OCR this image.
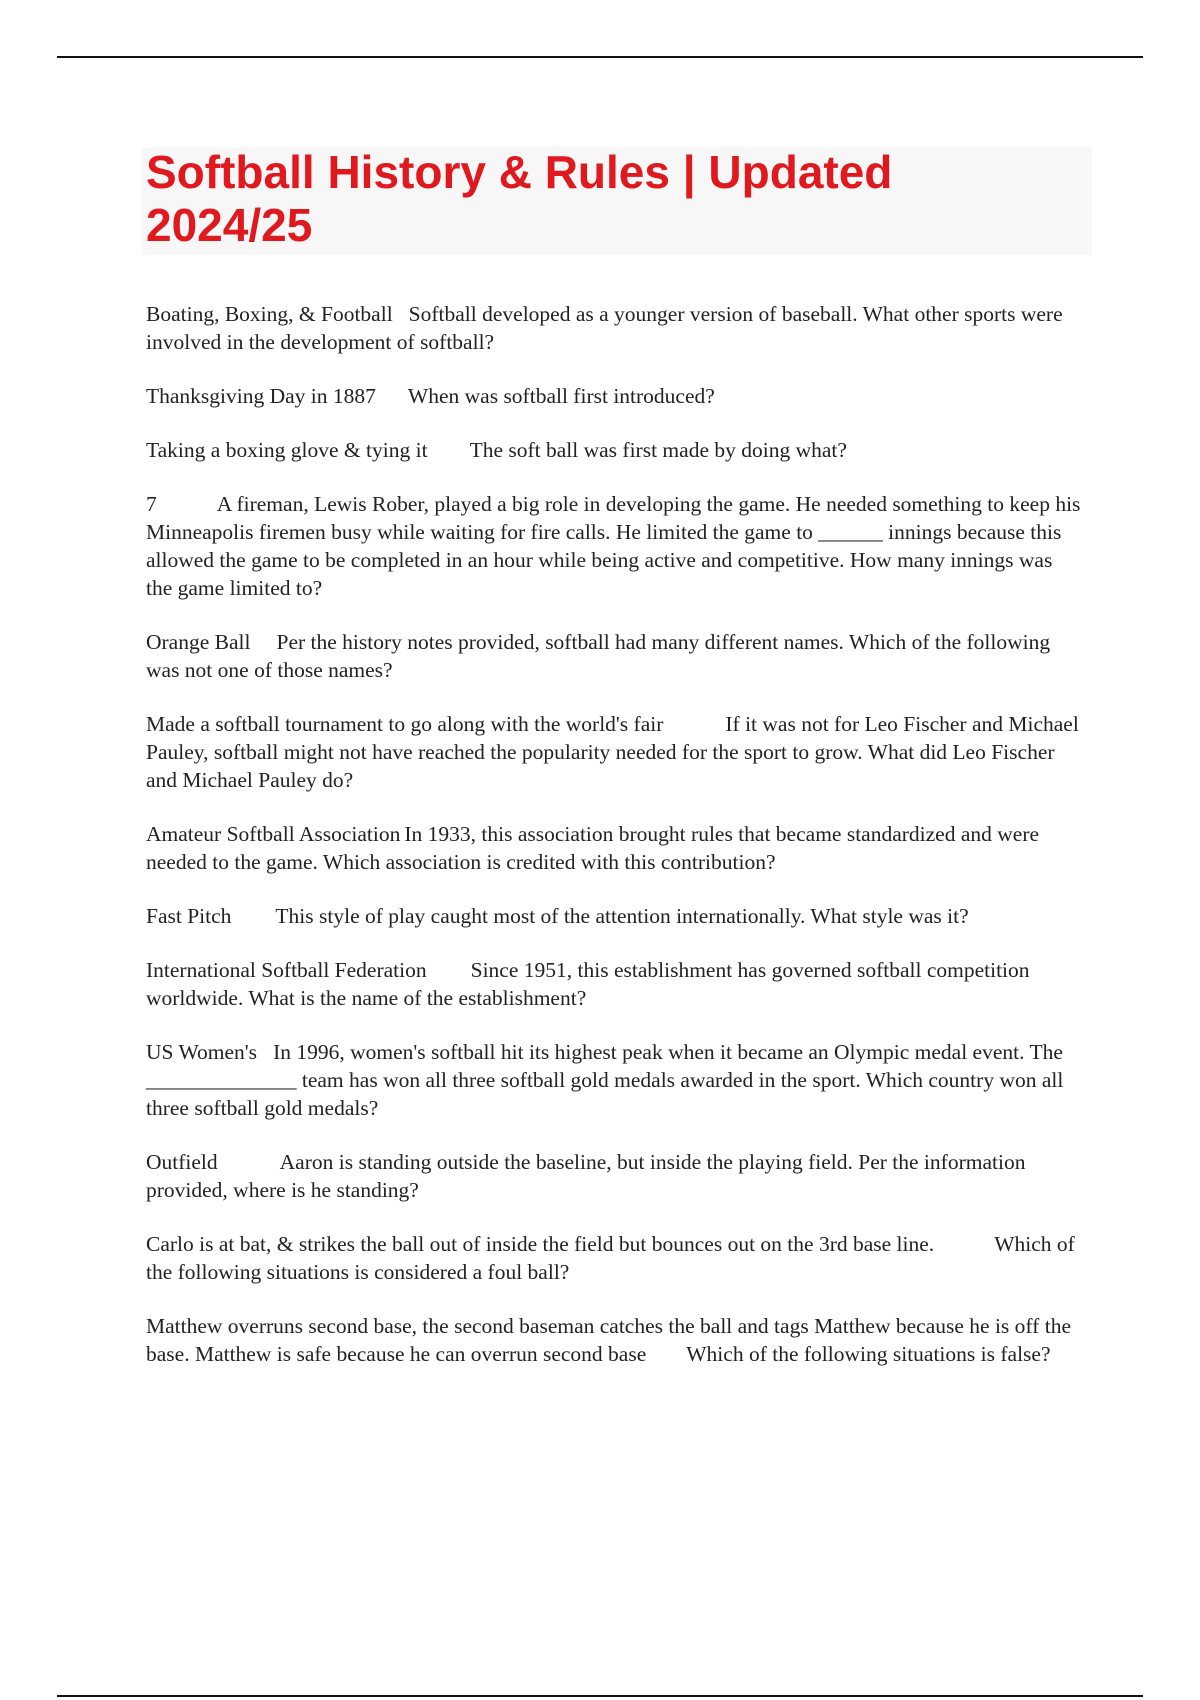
Softball History & Rules | Updated 2024/25
Boating, Boxing, & Football Softball developed as a younger version of baseball. What other sports were involved in the development of softball?
Thanksgiving Day in 1887 When was softball first introduced?
Taking a boxing glove & tying it The soft ball was first made by doing what?
7	A fireman, Lewis Rober, played a big role in developing the game. He needed something to keep his Minneapolis firemen busy while waiting for fire calls. He limited the game to ______ innings because this allowed the game to be completed in an hour while being active and competitive. How many innings was the game limited to?
Orange Ball Per the history notes provided, softball had many different names. Which of the following was not one of those names?
Made a softball tournament to go along with the world's fair	If it was not for Leo Fischer and Michael Pauley, softball might not have reached the popularity needed for the sport to grow. What did Leo Fischer and Michael Pauley do?
Amateur Softball Association In 1933, this association brought rules that became standardized and were needed to the game. Which association is credited with this contribution?
Fast Pitch This style of play caught most of the attention internationally. What style was it?
International Softball Federation Since 1951, this establishment has governed softball competition worldwide. What is the name of the establishment?
US Women's In 1996, women's softball hit its highest peak when it became an Olympic medal event. The ______________ team has won all three softball gold medals awarded in the sport. Which country won all three softball gold medals?
Outfield	Aaron is standing outside the baseline, but inside the playing field. Per the information provided, where is he standing?
Carlo is at bat, & strikes the ball out of inside the field but bounces out on the 3rd base line.	Which of the following situations is considered a foul ball?
Matthew overruns second base, the second baseman catches the ball and tags Matthew because he is off the base. Matthew is safe because he can overrun second base Which of the following situations is false?
